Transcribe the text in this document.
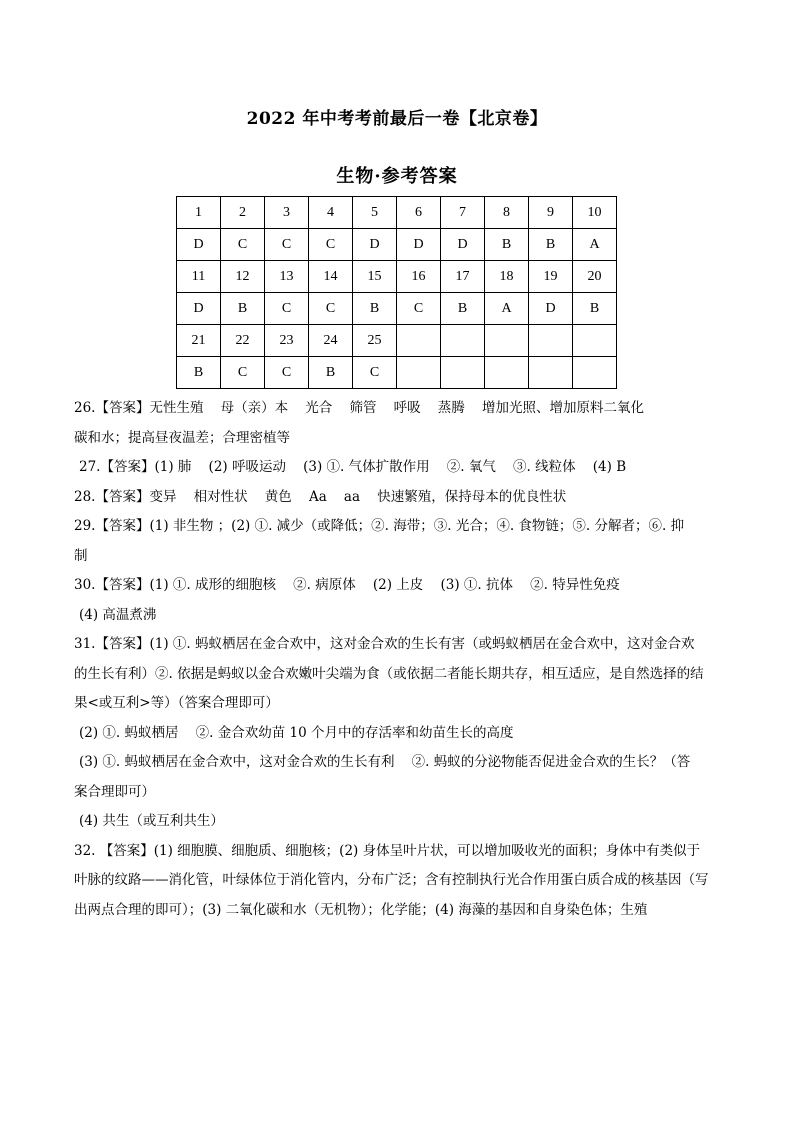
2022 年中考考前最后一卷【北京卷】
生物·参考答案
1	2	3	4	5	6	7	8	9	10
D	C	C	C	D	D	D	B	B	A
11	12	13	14	15	16	17	18	19	20
D	B	C	C	B	C	B	A	D	B
21	22	23	24	25					
B	C	C	B	C					

26.【答案】无性生殖    母（亲）本    光合    筛管    呼吸    蒸腾    增加光照、增加原料二氧化

碳和水；提高昼夜温差；合理密植等

27.【答案】(1) 肺    (2) 呼吸运动    (3) ①. 气体扩散作用    ②. 氧气    ③. 线粒体    (4) B

28.【答案】变异    相对性状    黄色    Aa    aa    快速繁殖，保持母本的优良性状

29.【答案】(1) 非生物 ；(2) ①. 减少（或降低；②. 海带；③. 光合；④. 食物链；⑤. 分解者；⑥. 抑

制

30.【答案】(1) ①. 成形的细胞核    ②. 病原体    (2) 上皮    (3) ①. 抗体    ②. 特异性免疫

(4) 高温煮沸

31.【答案】(1) ①. 蚂蚁栖居在金合欢中，这对金合欢的生长有害（或蚂蚁栖居在金合欢中，这对金合欢

的生长有利）②. 依据是蚂蚁以金合欢嫩叶尖端为食（或依据二者能长期共存，相互适应，是自然选择的结

果<或互利>等）（答案合理即可）

(2) ①. 蚂蚁栖居    ②. 金合欢幼苗 10 个月中的存活率和幼苗生长的高度

(3) ①. 蚂蚁栖居在金合欢中，这对金合欢的生长有利    ②. 蚂蚁的分泌物能否促进金合欢的生长？（答

案合理即可）

(4) 共生（或互利共生）

32. 【答案】(1) 细胞膜、细胞质、细胞核；(2) 身体呈叶片状，可以增加吸收光的面积；身体中有类似于

叶脉的纹路——消化管，叶绿体位于消化管内，分布广泛；含有控制执行光合作用蛋白质合成的核基因（写

出两点合理的即可）；(3) 二氧化碳和水（无机物）；化学能；(4) 海藻的基因和自身染色体；生殖
